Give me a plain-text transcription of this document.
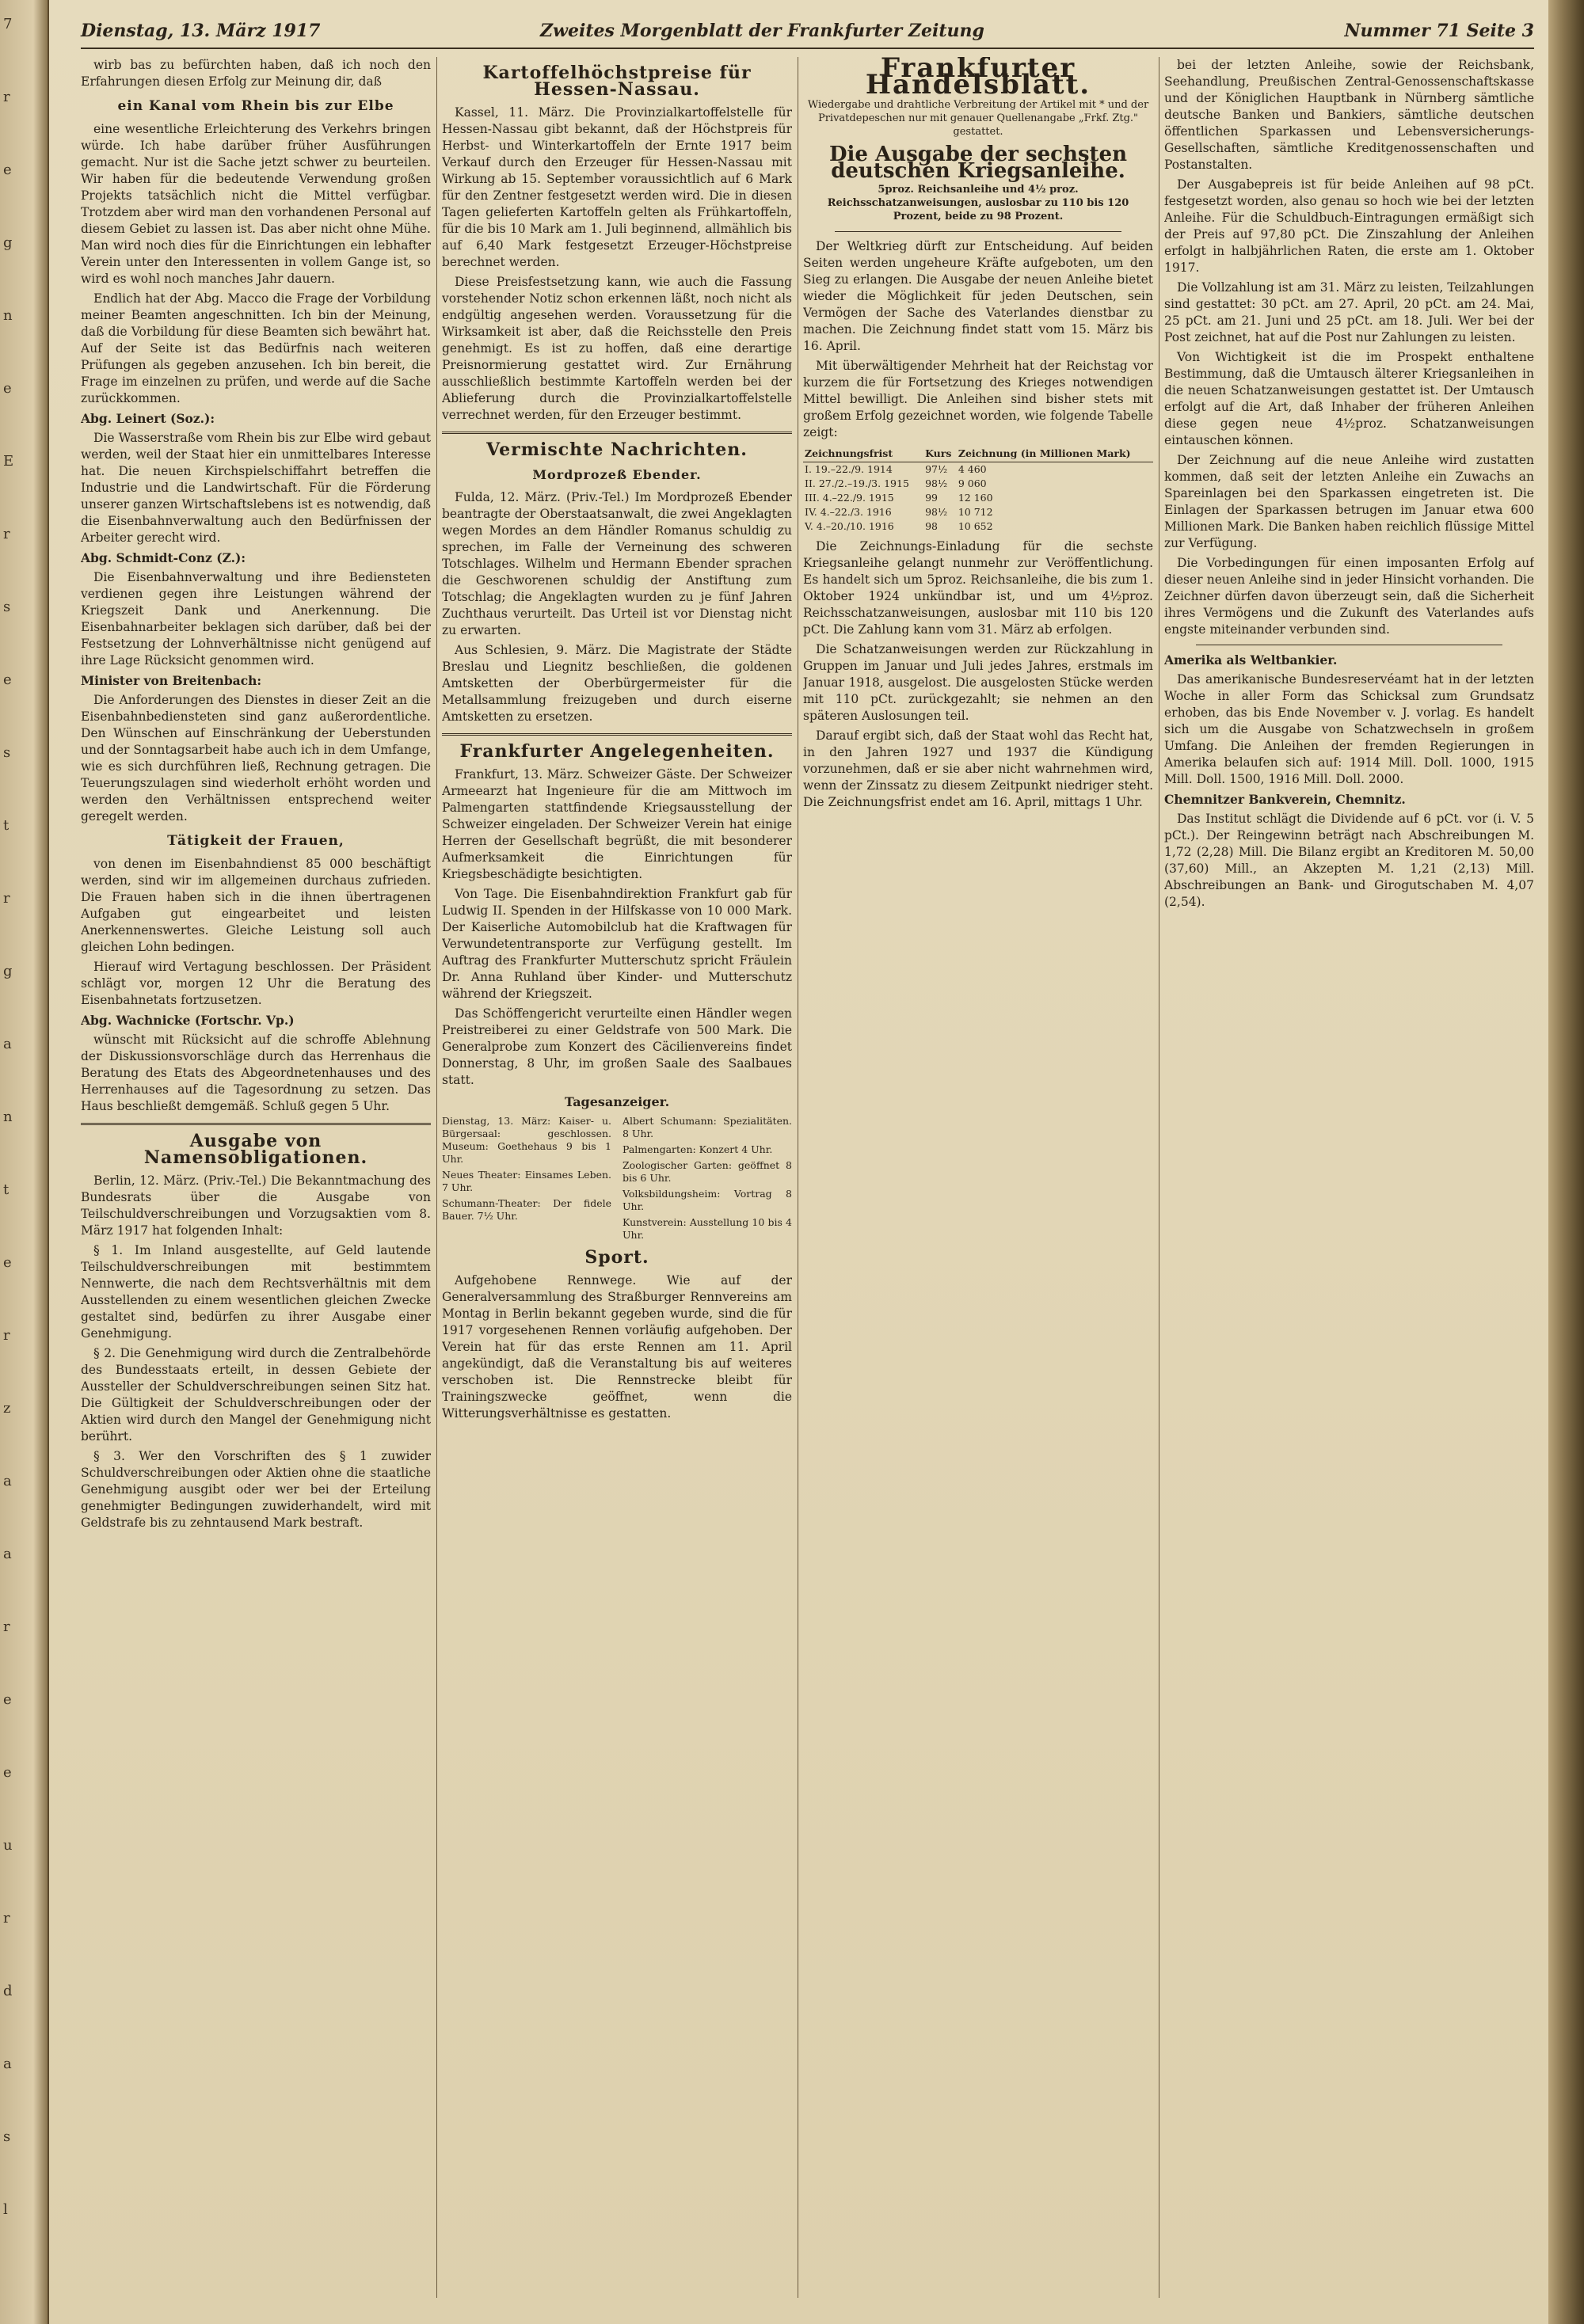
7
r
e
g
n
e
E
r
s
e
s
t
r
g
a
n
t
e
r
z
a
a
r
e
e
u
r
d
a
s
l
Dienstag, 13. März 1917	Zweites Morgenblatt der Frankfurter Zeitung	Nummer 71 Seite 3

wirb bas zu befürchten haben, daß ich noch den Erfahrungen diesen Erfolg zur Meinung dir, daß

ein Kanal vom Rhein bis zur Elbe

eine wesentliche Erleichterung des Verkehrs bringen würde. Ich habe darüber früher Ausführungen gemacht. Nur ist die Sache jetzt schwer zu beurteilen. Wir haben für die bedeutende Verwendung großen Projekts tatsächlich nicht die Mittel verfügbar. Trotzdem aber wird man den vorhandenen Personal auf diesem Gebiet zu lassen ist. Das aber nicht ohne Mühe. Man wird noch dies für die Einrichtungen ein lebhafter Verein unter den Interessenten in vollem Gange ist, so wird es wohl noch manches Jahr dauern.

Endlich hat der Abg. Macco die Frage der Vorbildung meiner Beamten angeschnitten. Ich bin der Meinung, daß die Vorbildung für diese Beamten sich bewährt hat. Auf der Seite ist das Bedürfnis nach weiteren Prüfungen als gegeben anzusehen. Ich bin bereit, die Frage im einzelnen zu prüfen, und werde auf die Sache zurückkommen.

Abg. Leinert (Soz.):

Die Wasserstraße vom Rhein bis zur Elbe wird gebaut werden, weil der Staat hier ein unmittelbares Interesse hat. Die neuen Kirchspielschiffahrt betreffen die Industrie und die Landwirtschaft. Für die Förderung unserer ganzen Wirtschaftslebens ist es notwendig, daß die Eisenbahnverwaltung auch den Bedürfnissen der Arbeiter gerecht wird.

Abg. Schmidt-Conz (Z.):

Die Eisenbahnverwaltung und ihre Bediensteten verdienen gegen ihre Leistungen während der Kriegszeit Dank und Anerkennung. Die Eisenbahnarbeiter beklagen sich darüber, daß bei der Festsetzung der Lohnverhältnisse nicht genügend auf ihre Lage Rücksicht genommen wird.

Minister von Breitenbach:

Die Anforderungen des Dienstes in dieser Zeit an die Eisenbahnbediensteten sind ganz außerordentliche. Den Wünschen auf Einschränkung der Ueberstunden und der Sonntagsarbeit habe auch ich in dem Umfange, wie es sich durchführen ließ, Rechnung getragen. Die Teuerungszulagen sind wiederholt erhöht worden und werden den Verhältnissen entsprechend weiter geregelt werden.

Tätigkeit der Frauen,

von denen im Eisenbahndienst 85 000 beschäftigt werden, sind wir im allgemeinen durchaus zufrieden. Die Frauen haben sich in die ihnen übertragenen Aufgaben gut eingearbeitet und leisten Anerkennenswertes. Gleiche Leistung soll auch gleichen Lohn bedingen.

Hierauf wird Vertagung beschlossen. Der Präsident schlägt vor, morgen 12 Uhr die Beratung des Eisenbahnetats fortzusetzen.

Abg. Wachnicke (Fortschr. Vp.)

wünscht mit Rücksicht auf die schroffe Ablehnung der Diskussionsvorschläge durch das Herrenhaus die Beratung des Etats des Abgeordnetenhauses und des Herrenhauses auf die Tagesordnung zu setzen. Das Haus beschließt demgemäß. Schluß gegen 5 Uhr.

Ausgabe von Namensobligationen.

Berlin, 12. März. (Priv.-Tel.) Die Bekanntmachung des Bundesrats über die Ausgabe von Teilschuldverschreibungen und Vorzugsaktien vom 8. März 1917 hat folgenden Inhalt:

§ 1. Im Inland ausgestellte, auf Geld lautende Teilschuldverschreibungen mit bestimmtem Nennwerte, die nach dem Rechtsverhältnis mit dem Ausstellenden zu einem wesentlichen gleichen Zwecke gestaltet sind, bedürfen zu ihrer Ausgabe einer Genehmigung.

§ 2. Die Genehmigung wird durch die Zentralbehörde des Bundesstaats erteilt, in dessen Gebiete der Aussteller der Schuldverschreibungen seinen Sitz hat. Die Gültigkeit der Schuldverschreibungen oder der Aktien wird durch den Mangel der Genehmigung nicht berührt.

§ 3. Wer den Vorschriften des § 1 zuwider Schuldverschreibungen oder Aktien ohne die staatliche Genehmigung ausgibt oder wer bei der Erteilung genehmigter Bedingungen zuwiderhandelt, wird mit Geldstrafe bis zu zehntausend Mark bestraft.

Kartoffelhöchstpreise für Hessen-Nassau.

Kassel, 11. März. Die Provinzialkartoffelstelle für Hessen-Nassau gibt bekannt, daß der Höchstpreis für Herbst- und Winterkartoffeln der Ernte 1917 beim Verkauf durch den Erzeuger für Hessen-Nassau mit Wirkung ab 15. September voraussichtlich auf 6 Mark für den Zentner festgesetzt werden wird. Die in diesen Tagen gelieferten Kartoffeln gelten als Frühkartoffeln, für die bis 10 Mark am 1. Juli beginnend, allmählich bis auf 6,40 Mark festgesetzt Erzeuger-Höchstpreise berechnet werden.

Diese Preisfestsetzung kann, wie auch die Fassung vorstehender Notiz schon erkennen läßt, noch nicht als endgültig angesehen werden. Voraussetzung für die Wirksamkeit ist aber, daß die Reichsstelle den Preis genehmigt. Es ist zu hoffen, daß eine derartige Preisnormierung gestattet wird. Zur Ernährung ausschließlich bestimmte Kartoffeln werden bei der Ablieferung durch die Provinzialkartoffelstelle verrechnet werden, für den Erzeuger bestimmt.

Vermischte Nachrichten.
Mordprozeß Ebender.

Fulda, 12. März. (Priv.-Tel.) Im Mordprozeß Ebender beantragte der Oberstaatsanwalt, die zwei Angeklagten wegen Mordes an dem Händler Romanus schuldig zu sprechen, im Falle der Verneinung des schweren Totschlages. Wilhelm und Hermann Ebender sprachen die Geschworenen schuldig der Anstiftung zum Totschlag; die Angeklagten wurden zu je fünf Jahren Zuchthaus verurteilt. Das Urteil ist vor Dienstag nicht zu erwarten.

Aus Schlesien, 9. März. Die Magistrate der Städte Breslau und Liegnitz beschließen, die goldenen Amtsketten der Oberbürgermeister für die Metallsammlung freizugeben und durch eiserne Amtsketten zu ersetzen.

Frankfurter Angelegenheiten.

Frankfurt, 13. März. Schweizer Gäste. Der Schweizer Armeearzt hat Ingenieure für die am Mittwoch im Palmengarten stattfindende Kriegsausstellung der Schweizer eingeladen. Der Schweizer Verein hat einige Herren der Gesellschaft begrüßt, die mit besonderer Aufmerksamkeit die Einrichtungen für Kriegsbeschädigte besichtigten.

Von Tage. Die Eisenbahndirektion Frankfurt gab für Ludwig II. Spenden in der Hilfskasse von 10 000 Mark. Der Kaiserliche Automobilclub hat die Kraftwagen für Verwundetentransporte zur Verfügung gestellt. Im Auftrag des Frankfurter Mutterschutz spricht Fräulein Dr. Anna Ruhland über Kinder- und Mutterschutz während der Kriegszeit.

Das Schöffengericht verurteilte einen Händler wegen Preistreiberei zu einer Geldstrafe von 500 Mark. Die Generalprobe zum Konzert des Cäcilienvereins findet Donnerstag, 8 Uhr, im großen Saale des Saalbaues statt.

Tagesanzeiger.
Dienstag, 13. März: Kaiser- u. Bürgersaal: geschlossen. Museum: Goethehaus 9 bis 1 Uhr.
Neues Theater: Einsames Leben. 7 Uhr.
Schumann-Theater: Der fidele Bauer. 7½ Uhr.
Albert Schumann: Spezialitäten. 8 Uhr.
Palmengarten: Konzert 4 Uhr.
Zoologischer Garten: geöffnet 8 bis 6 Uhr.
Volksbildungsheim: Vortrag 8 Uhr.
Kunstverein: Ausstellung 10 bis 4 Uhr.
Sport.

Aufgehobene Rennwege. Wie auf der Generalversammlung des Straßburger Rennvereins am Montag in Berlin bekannt gegeben wurde, sind die für 1917 vorgesehenen Rennen vorläufig aufgehoben. Der Verein hat für das erste Rennen am 11. April angekündigt, daß die Veranstaltung bis auf weiteres verschoben ist. Die Rennstrecke bleibt für Trainingszwecke geöffnet, wenn die Witterungsverhältnisse es gestatten.

Frankfurter Handelsblatt.
Wiedergabe und drahtliche Verbreitung der Artikel mit * und der Privatdepeschen nur mit genauer Quellenangabe „Frkf. Ztg." gestattet.
Die Ausgabe der sechsten deutschen Kriegsanleihe.
5proz. Reichsanleihe und 4½ proz. Reichsschatzanweisungen, auslosbar zu 110 bis 120 Prozent, beide zu 98 Prozent.

Der Weltkrieg dürft zur Entscheidung. Auf beiden Seiten werden ungeheure Kräfte aufgeboten, um den Sieg zu erlangen. Die Ausgabe der neuen Anleihe bietet wieder die Möglichkeit für jeden Deutschen, sein Vermögen der Sache des Vaterlandes dienstbar zu machen. Die Zeichnung findet statt vom 15. März bis 16. April.

Mit überwältigender Mehrheit hat der Reichstag vor kurzem die für Fortsetzung des Krieges notwendigen Mittel bewilligt. Die Anleihen sind bisher stets mit großem Erfolg gezeichnet worden, wie folgende Tabelle zeigt:

Zeichnungsfrist	Kurs	Zeichnung (in Millionen Mark)
I. 19.–22./9. 1914	97½	4 460
II. 27./2.–19./3. 1915	98½	9 060
III. 4.–22./9. 1915	99	12 160
IV. 4.–22./3. 1916	98½	10 712
V. 4.–20./10. 1916	98	10 652

Die Zeichnungs-Einladung für die sechste Kriegsanleihe gelangt nunmehr zur Veröffentlichung. Es handelt sich um 5proz. Reichsanleihe, die bis zum 1. Oktober 1924 unkündbar ist, und um 4½proz. Reichsschatzanweisungen, auslosbar mit 110 bis 120 pCt. Die Zahlung kann vom 31. März ab erfolgen.

Die Schatzanweisungen werden zur Rückzahlung in Gruppen im Januar und Juli jedes Jahres, erstmals im Januar 1918, ausgelost. Die ausgelosten Stücke werden mit 110 pCt. zurückgezahlt; sie nehmen an den späteren Auslosungen teil.

Darauf ergibt sich, daß der Staat wohl das Recht hat, in den Jahren 1927 und 1937 die Kündigung vorzunehmen, daß er sie aber nicht wahrnehmen wird, wenn der Zinssatz zu diesem Zeitpunkt niedriger steht. Die Zeichnungsfrist endet am 16. April, mittags 1 Uhr.

bei der letzten Anleihe, sowie der Reichsbank, Seehandlung, Preußischen Zentral-Genossenschaftskasse und der Königlichen Hauptbank in Nürnberg sämtliche deutsche Banken und Bankiers, sämtliche deutschen öffentlichen Sparkassen und Lebensversicherungs-Gesellschaften, sämtliche Kreditgenossenschaften und Postanstalten.

Der Ausgabepreis ist für beide Anleihen auf 98 pCt. festgesetzt worden, also genau so hoch wie bei der letzten Anleihe. Für die Schuldbuch-Eintragungen ermäßigt sich der Preis auf 97,80 pCt. Die Zinszahlung der Anleihen erfolgt in halbjährlichen Raten, die erste am 1. Oktober 1917.

Die Vollzahlung ist am 31. März zu leisten, Teilzahlungen sind gestattet: 30 pCt. am 27. April, 20 pCt. am 24. Mai, 25 pCt. am 21. Juni und 25 pCt. am 18. Juli. Wer bei der Post zeichnet, hat auf die Post nur Zahlungen zu leisten.

Von Wichtigkeit ist die im Prospekt enthaltene Bestimmung, daß die Umtausch älterer Kriegsanleihen in die neuen Schatzanweisungen gestattet ist. Der Umtausch erfolgt auf die Art, daß Inhaber der früheren Anleihen diese gegen neue 4½proz. Schatzanweisungen eintauschen können.

Der Zeichnung auf die neue Anleihe wird zustatten kommen, daß seit der letzten Anleihe ein Zuwachs an Spareinlagen bei den Sparkassen eingetreten ist. Die Einlagen der Sparkassen betrugen im Januar etwa 600 Millionen Mark. Die Banken haben reichlich flüssige Mittel zur Verfügung.

Die Vorbedingungen für einen imposanten Erfolg auf dieser neuen Anleihe sind in jeder Hinsicht vorhanden. Die Zeichner dürfen davon überzeugt sein, daß die Sicherheit ihres Vermögens und die Zukunft des Vaterlandes aufs engste miteinander verbunden sind.

Amerika als Weltbankier.

Das amerikanische Bundesreservéamt hat in der letzten Woche in aller Form das Schicksal zum Grundsatz erhoben, das bis Ende November v. J. vorlag. Es handelt sich um die Ausgabe von Schatzwechseln in großem Umfang. Die Anleihen der fremden Regierungen in Amerika belaufen sich auf: 1914 Mill. Doll. 1000, 1915 Mill. Doll. 1500, 1916 Mill. Doll. 2000.

Chemnitzer Bankverein, Chemnitz.

Das Institut schlägt die Dividende auf 6 pCt. vor (i. V. 5 pCt.). Der Reingewinn beträgt nach Abschreibungen M. 1,72 (2,28) Mill. Die Bilanz ergibt an Kreditoren M. 50,00 (37,60) Mill., an Akzepten M. 1,21 (2,13) Mill. Abschreibungen an Bank- und Girogutschaben M. 4,07 (2,54).
